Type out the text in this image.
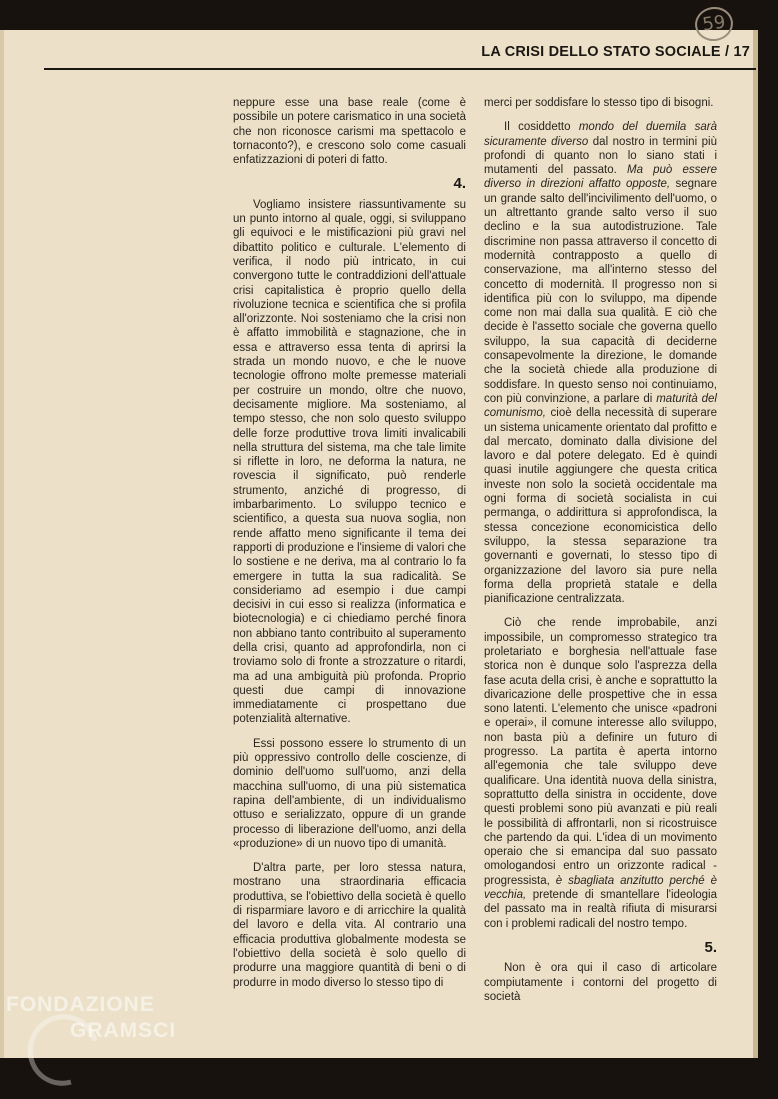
59
LA CRISI DELLO STATO SOCIALE / 17

neppure esse una base reale (come è possibile un potere carismatico in una società che non riconosce carismi ma spettacolo e tornaconto?), e crescono solo come casuali enfatizzazioni di poteri di fatto.

4.

Vogliamo insistere riassuntivamente su un punto intorno al quale, oggi, si sviluppano gli equivoci e le mistificazioni più gravi nel dibattito politico e culturale. L'elemento di verifica, il nodo più intricato, in cui convergono tutte le contraddizioni dell'attuale crisi capitalistica è proprio quello della rivoluzione tecnica e scientifica che si profila all'orizzonte. Noi sosteniamo che la crisi non è affatto immobilità e stagnazione, che in essa e attraverso essa tenta di aprirsi la strada un mondo nuovo, e che le nuove tecnologie offrono molte premesse materiali per costruire un mondo, oltre che nuovo, decisamente migliore. Ma sosteniamo, al tempo stesso, che non solo questo sviluppo delle forze produttive trova limiti invalicabili nella struttura del sistema, ma che tale limite si riflette in loro, ne deforma la natura, ne rovescia il significato, può renderle strumento, anziché di progresso, di imbarbarimento. Lo sviluppo tecnico e scientifico, a questa sua nuova soglia, non rende affatto meno significante il tema dei rapporti di produzione e l'insieme di valori che lo sostiene e ne deriva, ma al contrario lo fa emergere in tutta la sua radicalità. Se consideriamo ad esempio i due campi decisivi in cui esso si realizza (informatica e biotecnologia) e ci chiediamo perché finora non abbiano tanto contribuito al superamento della crisi, quanto ad approfondirla, non ci troviamo solo di fronte a strozzature o ritardi, ma ad una ambiguità più profonda. Proprio questi due campi di innovazione immediatamente ci prospettano due potenzialità alternative.

Essi possono essere lo strumento di un più oppressivo controllo delle coscienze, di dominio dell'uomo sull'uomo, anzi della macchina sull'uomo, di una più sistematica rapina dell'ambiente, di un individualismo ottuso e serializzato, oppure di un grande processo di liberazione dell'uomo, anzi della «produzione» di un nuovo tipo di umanità.

D'altra parte, per loro stessa natura, mostrano una straordinaria efficacia produttiva, se l'obiettivo della società è quello di risparmiare lavoro e di arricchire la qualità del lavoro e della vita. Al contrario una efficacia produttiva globalmente modesta se l'obiettivo della società è solo quello di produrre una maggiore quantità di beni o di produrre in modo diverso lo stesso tipo di

merci per soddisfare lo stesso tipo di bisogni.

Il cosiddetto mondo del duemila sarà sicuramente diverso dal nostro in termini più profondi di quanto non lo siano stati i mutamenti del passato. Ma può essere diverso in direzioni affatto opposte, segnare un grande salto dell'incivilimento dell'uomo, o un altrettanto grande salto verso il suo declino e la sua autodistruzione. Tale discrimine non passa attraverso il concetto di modernità contrapposto a quello di conservazione, ma all'interno stesso del concetto di modernità. Il progresso non si identifica più con lo sviluppo, ma dipende come non mai dalla sua qualità. E ciò che decide è l'assetto sociale che governa quello sviluppo, la sua capacità di deciderne consapevolmente la direzione, le domande che la società chiede alla produzione di soddisfare. In questo senso noi continuiamo, con più convinzione, a parlare di maturità del comunismo, cioè della necessità di superare un sistema unicamente orientato dal profitto e dal mercato, dominato dalla divisione del lavoro e dal potere delegato. Ed è quindi quasi inutile aggiungere che questa critica investe non solo la società occidentale ma ogni forma di società socialista in cui permanga, o addirittura si approfondisca, la stessa concezione economicistica dello sviluppo, la stessa separazione tra governanti e governati, lo stesso tipo di organizzazione del lavoro sia pure nella forma della proprietà statale e della pianificazione centralizzata.

Ciò che rende improbabile, anzi impossibile, un compromesso strategico tra proletariato e borghesia nell'attuale fase storica non è dunque solo l'asprezza della fase acuta della crisi, è anche e soprattutto la divaricazione delle prospettive che in essa sono latenti. L'elemento che unisce «padroni e operai», il comune interesse allo sviluppo, non basta più a definire un futuro di progresso. La partita è aperta intorno all'egemonia che tale sviluppo deve qualificare. Una identità nuova della sinistra, soprattutto della sinistra in occidente, dove questi problemi sono più avanzati e più reali le possibilità di affrontarli, non si ricostruisce che partendo da qui. L'idea di un movimento operaio che si emancipa dal suo passato omologandosi entro un orizzonte radical - progressista, è sbagliata anzitutto perché è vecchia, pretende di smantellare l'ideologia del passato ma in realtà rifiuta di misurarsi con i problemi radicali del nostro tempo.

5.

Non è ora qui il caso di articolare compiutamente i contorni del progetto di società

FONDAZIONE
GRAMSCI
